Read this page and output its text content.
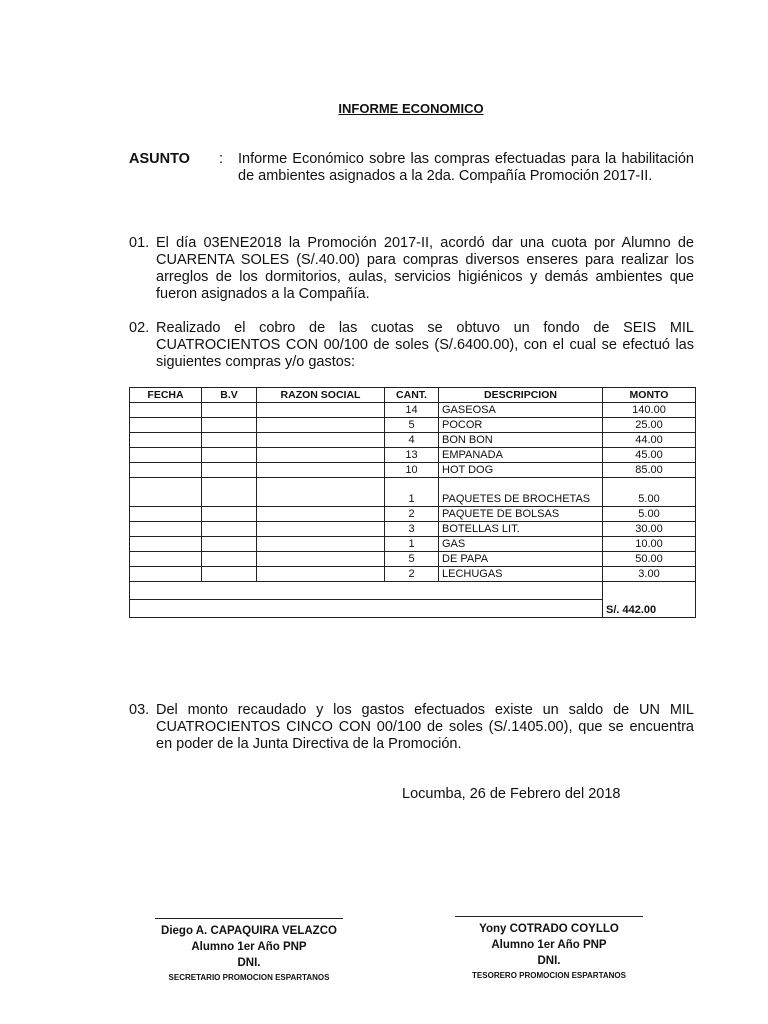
INFORME ECONOMICO
ASUNTO : Informe Económico sobre las compras efectuadas para la habilitación de ambientes asignados a la 2da. Compañía Promoción 2017-II.
01. El día 03ENE2018 la Promoción 2017-II, acordó dar una cuota por Alumno de CUARENTA SOLES (S/.40.00) para compras diversos enseres para realizar los arreglos de los dormitorios, aulas, servicios higiénicos y demás ambientes que fueron asignados a la Compañía.
02. Realizado el cobro de las cuotas se obtuvo un fondo de SEIS MIL CUATROCIENTOS CON 00/100 de soles (S/.6400.00), con el cual se efectuó las siguientes compras y/o gastos:
FECHA	B.V	RAZON SOCIAL	CANT.	DESCRIPCION	MONTO
			14	GASEOSA	140.00
			5	POCOR	25.00
			4	BON BON	44.00
			13	EMPANADA	45.00
			10	HOT DOG	85.00
			1	PAQUETES DE BROCHETAS	5.00
			2	PAQUETE DE BOLSAS	5.00
			3	BOTELLAS LIT.	30.00
			1	GAS	10.00
			5	DE PAPA	50.00
			2	LECHUGAS	3.00
					S/. 442.00

03. Del monto recaudado y los gastos efectuados existe un saldo de UN MIL CUATROCIENTOS CINCO CON 00/100 de soles (S/.1405.00), que se encuentra en poder de la Junta Directiva de la Promoción.
Locumba, 26 de Febrero del 2018
Diego A. CAPAQUIRA VELAZCO
Alumno 1er Año PNP
DNI.
SECRETARIO PROMOCION ESPARTANOS
Yony COTRADO COYLLO
Alumno 1er Año PNP
DNI.
TESORERO PROMOCION ESPARTANOS
